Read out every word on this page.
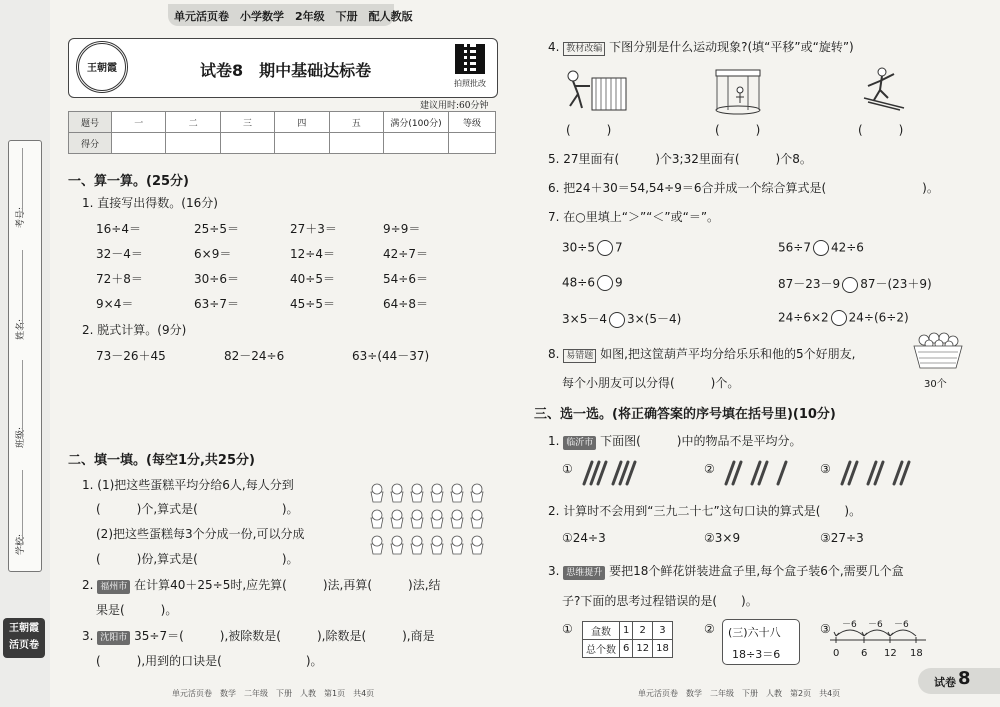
考号:
姓名:
班级:
学校:
王朝霞
活页卷
单元活页卷　小学数学　2年级　下册　配人教版
王朝霞	试卷8　期中基础达标卷
拍照批改
建议用时:60分钟
题号	一	二	三	四	五	满分(100分)	等级
得分							
一、算一算。(25分)
1. 直接写出得数。(16分)
16÷4＝	25÷5＝	27＋3＝	9÷9＝
32－4＝	6×9＝	12÷4＝	42÷7＝
72＋8＝	30÷6＝	40÷5＝	54÷6＝
9×4＝	63÷7＝	45÷5＝	64÷8＝
2. 脱式计算。(9分)
73－26＋45	82－24÷6	63÷(44－37)
二、填一填。(每空1分,共25分)
1. (1)把这些蛋糕平均分给6人,每人分到
(　　　)个,算式是(　　　　　　　)。
(2)把这些蛋糕每3个分成一份,可以分成
(　　　)份,算式是(　　　　　　　)。
2. 福州市 在计算40＋25÷5时,应先算(　　　)法,再算(　　　)法,结
果是(　　　)。
3. 沈阳市 35÷7＝(　　　),被除数是(　　　),除数是(　　　),商是
(　　　),用到的口诀是(　　　　　　　)。
单元活页卷　数学　二年级　下册　人教　第1页　共4页
4. 教材改编 下图分别是什么运动现象?(填“平移”或“旋转”)
(　　　)	(　　　)	(　　　)
5. 27里面有(　　　)个3;32里面有(　　　)个8。
6. 把24＋30＝54,54÷9＝6合并成一个综合算式是(　　　　　　　　)。
7. 在○里填上“＞”“＜”或“＝”。
30÷5 7	56÷7 42÷6
48÷6 9	87－23－9 87－(23＋9)
3×5－4 3×(5－4)	24÷6×2 24÷(6÷2)
8. 易错题 如图,把这筐葫芦平均分给乐乐和他的5个好朋友,
每个小朋友可以分得(　　　)个。	30个
三、选一选。(将正确答案的序号填在括号里)(10分)
1. 临沂市 下面图(　　　)中的物品不是平均分。
①	②	③
2. 计算时不会用到“三九二十七”这句口诀的算式是(　　)。
①24÷3	②3×9	③27÷3
3. 思维提升 要把18个鲜花饼装进盒子里,每个盒子装6个,需要几个盒
子?下面的思考过程错误的是(　　)。
① 盒数	1	2	3
总个数	6	12	18
② (三)六十八
18÷3＝6
③ －6 －6 －6
0 6 12 18
单元活页卷　数学　二年级　下册　人教　第2页　共4页
试卷 8
